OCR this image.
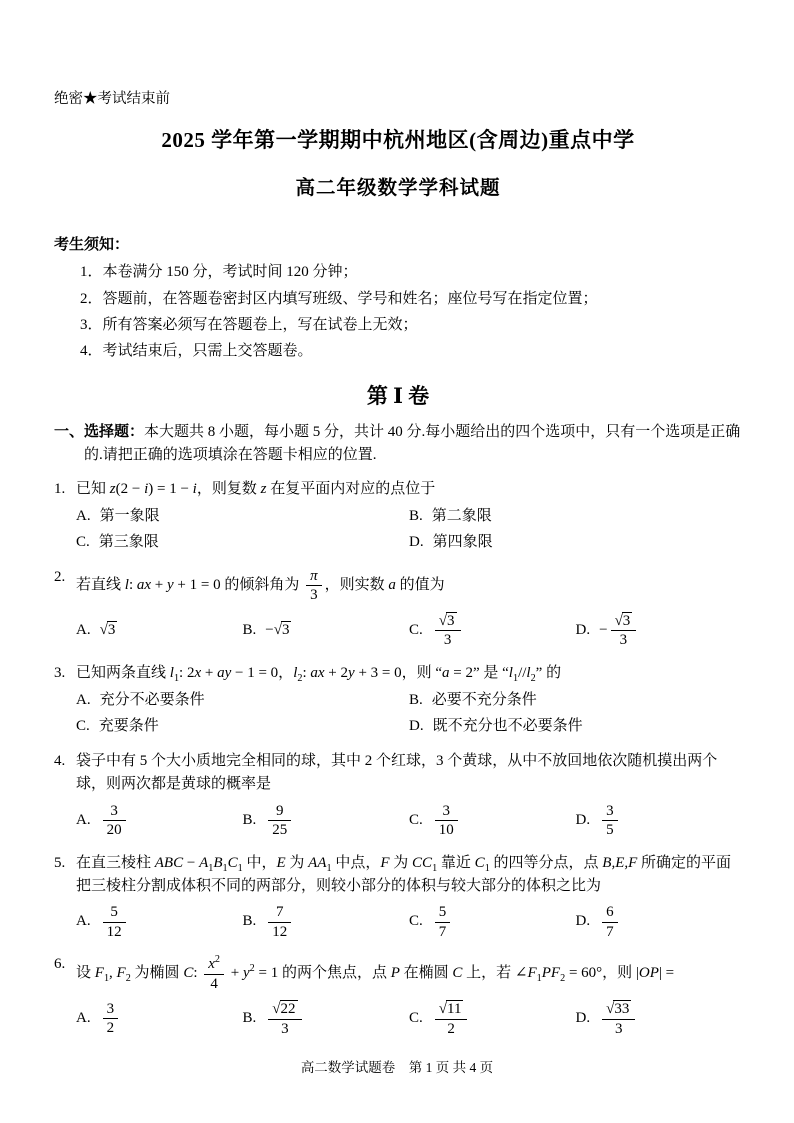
绝密★考试结束前
2025 学年第一学期期中杭州地区(含周边)重点中学
高二年级数学学科试题
考生须知：
1．本卷满分 150 分，考试时间 120 分钟；
2．答题前，在答题卷密封区内填写班级、学号和姓名；座位号写在指定位置；
3．所有答案必须写在答题卷上，写在试卷上无效；
4．考试结束后，只需上交答题卷。
第 Ⅰ 卷
一、选择题：本大题共 8 小题，每小题 5 分，共计 40 分.每小题给出的四个选项中，只有一个选项是正确的.请把正确的选项填涂在答题卡相应的位置.
1. 已知 z(2 − i) = 1 − i，则复数 z 在复平面内对应的点位于
A. 第一象限	B. 第二象限
C. 第三象限	D. 第四象限
2.
若直线 l: ax + y + 1 = 0 的倾斜角为 $\frac{\pi}{3}$ ，则实数 a 的值为
A. √3	B. −√3	C. $\frac{√3}{3}$	D. − $\frac{√3}{3}$
3. 已知两条直线 $l_1$: 2x + ay − 1 = 0，$l_2$: ax + 2y + 3 = 0，则 “a = 2” 是 “$l_1//l_2$” 的
A. 充分不必要条件	B. 必要不充分条件
C. 充要条件	D. 既不充分也不必要条件
4. 袋子中有 5 个大小质地完全相同的球，其中 2 个红球，3 个黄球，从中不放回地依次随机摸出两个球，则两次都是黄球的概率是
A. $\frac{3}{20}$	B. $\frac{9}{25}$	C. $\frac{3}{10}$	D. $\frac{3}{5}$
5. 在直三棱柱 ABC − $A_1B_1C_1$ 中，E 为 $AA_1$ 中点，F 为 $CC_1$ 靠近 $C_1$ 的四等分点，点 B,E,F 所确定的平面把三棱柱分割成体积不同的两部分，则较小部分的体积与较大部分的体积之比为
A. $\frac{5}{12}$	B. $\frac{7}{12}$	C. $\frac{5}{7}$	D. $\frac{6}{7}$
6.
设 $F_1$, $F_2$ 为椭圆 C: $\frac{x^2}{4} + y^2 = 1$ 的两个焦点，点 P 在椭圆 C 上，若 $\angle F_1PF_2 = 60^\circ$，则 |OP| =
A. $\frac{3}{2}$	B. $\frac{√22}{3}$	C. $\frac{√11}{2}$	D. $\frac{√33}{3}$
高二数学试题卷　第 1 页 共 4 页
